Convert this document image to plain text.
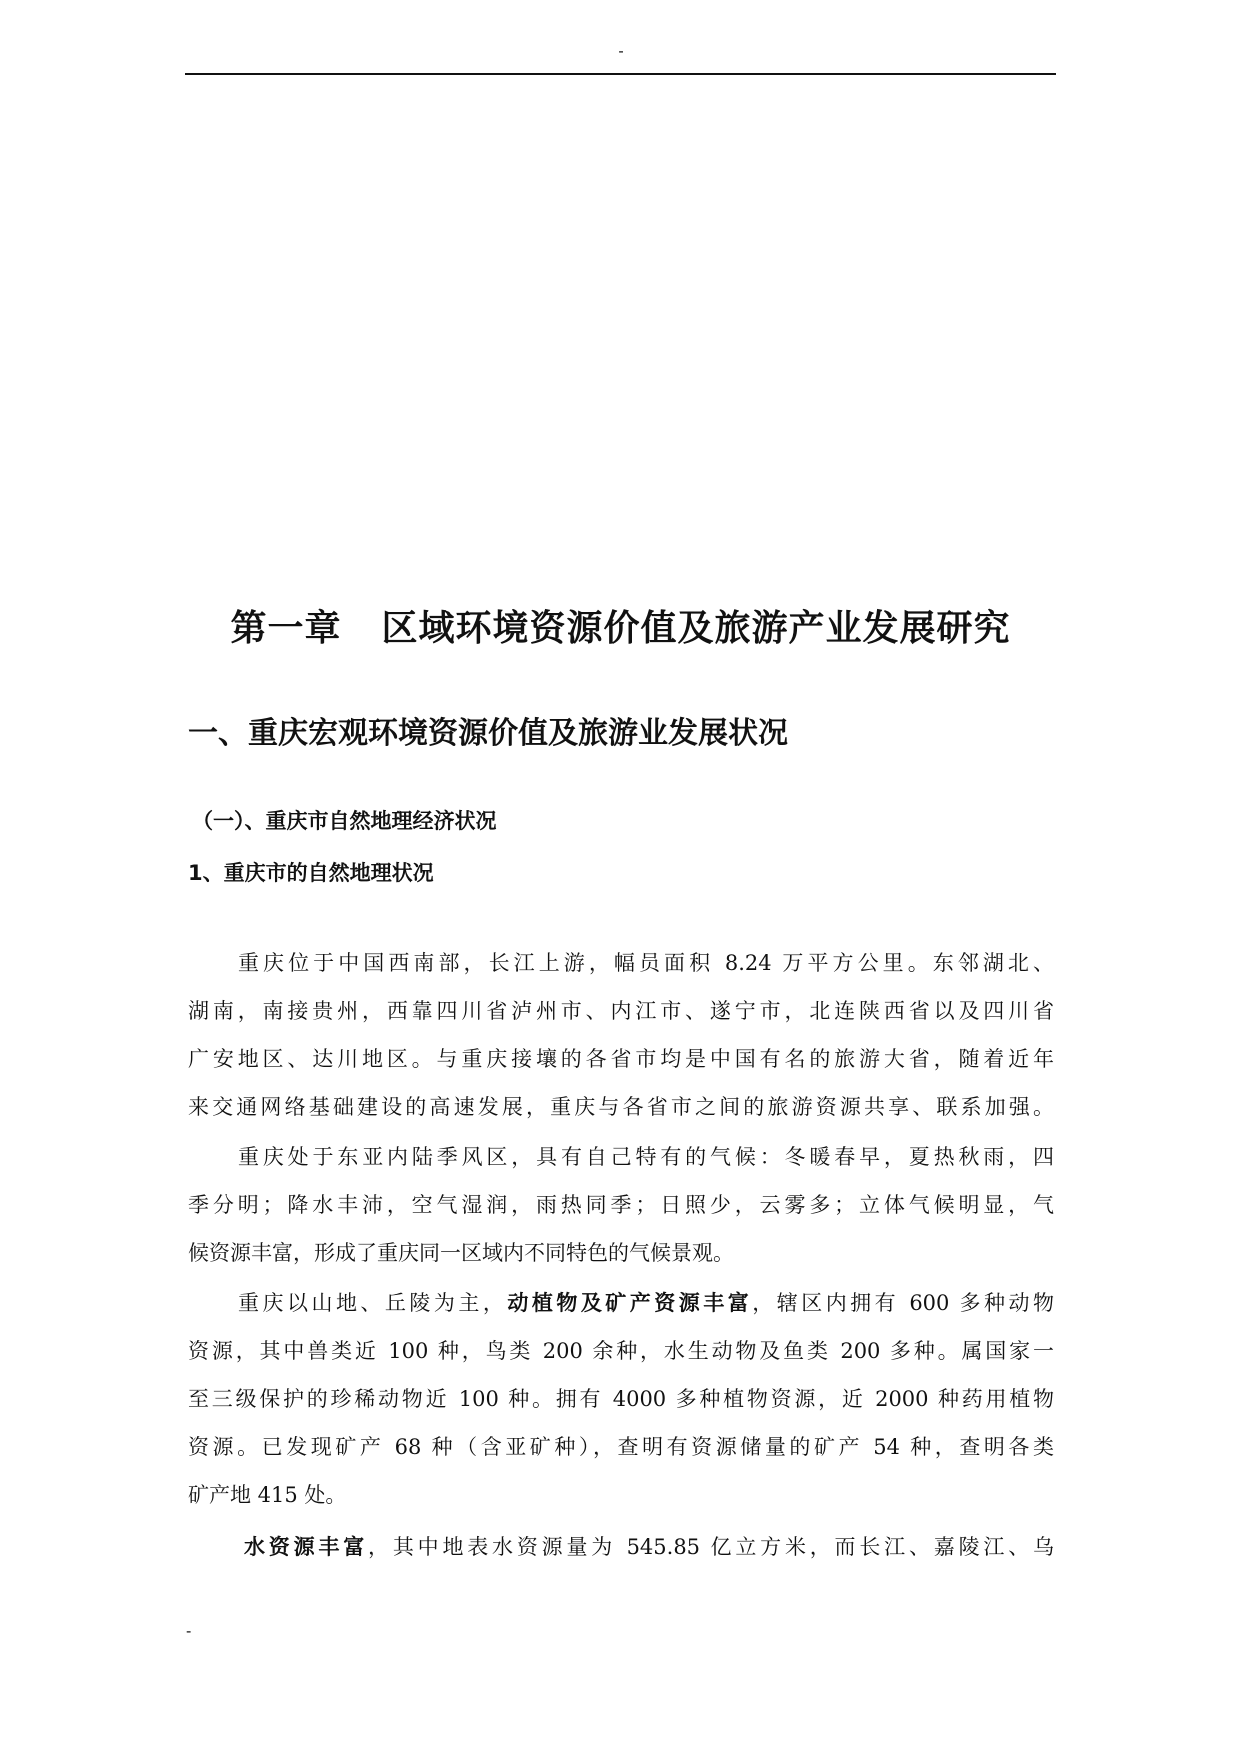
-
第一章 区域环境资源价值及旅游产业发展研究
一、重庆宏观环境资源价值及旅游业发展状况
（一）、重庆市自然地理经济状况
1、重庆市的自然地理状况

重庆位于中国西南部，长江上游，幅员面积 8.24 万平方公里。东邻湖北、

湖南，南接贵州，西靠四川省泸州市、内江市、遂宁市，北连陕西省以及四川省

广安地区、达川地区。与重庆接壤的各省市均是中国有名的旅游大省，随着近年

来交通网络基础建设的高速发展，重庆与各省市之间的旅游资源共享、联系加强。

重庆处于东亚内陆季风区，具有自己特有的气候：冬暖春早，夏热秋雨，四

季分明；降水丰沛，空气湿润，雨热同季；日照少，云雾多；立体气候明显，气

候资源丰富，形成了重庆同一区域内不同特色的气候景观。

重庆以山地、丘陵为主，动植物及矿产资源丰富，辖区内拥有 600 多种动物

资源，其中兽类近 100 种，鸟类 200 余种，水生动物及鱼类 200 多种。属国家一

至三级保护的珍稀动物近 100 种。拥有 4000 多种植物资源，近 2000 种药用植物

资源。已发现矿产 68 种（含亚矿种），查明有资源储量的矿产 54 种，查明各类

矿产地 415 处。

水资源丰富，其中地表水资源量为 545.85 亿立方米，而长江、嘉陵江、乌

-
